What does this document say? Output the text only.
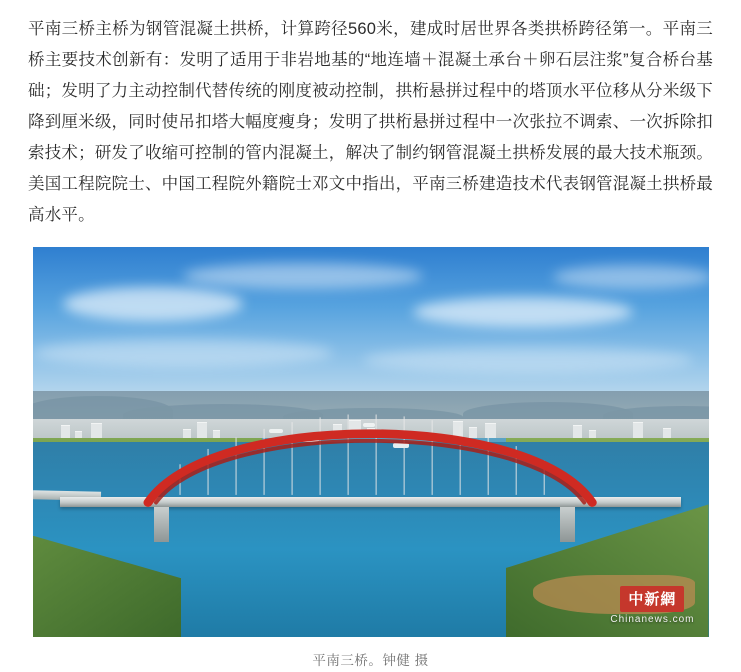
平南三桥主桥为钢管混凝土拱桥，计算跨径560米，建成时居世界各类拱桥跨径第一。平南三桥主要技术创新有：发明了适用于非岩地基的“地连墙＋混凝土承台＋卵石层注浆”复合桥台基础；发明了力主动控制代替传统的刚度被动控制，拱桁悬拼过程中的塔顶水平位移从分米级下降到厘米级，同时使吊扣塔大幅度瘦身；发明了拱桁悬拼过程中一次张拉不调索、一次拆除扣索技术；研发了收缩可控制的管内混凝土，解决了制约钢管混凝土拱桥发展的最大技术瓶颈。美国工程院院士、中国工程院外籍院士邓文中指出，平南三桥建造技术代表钢管混凝土拱桥最高水平。

中新網
Chinanews.com
平南三桥。钟健 摄
